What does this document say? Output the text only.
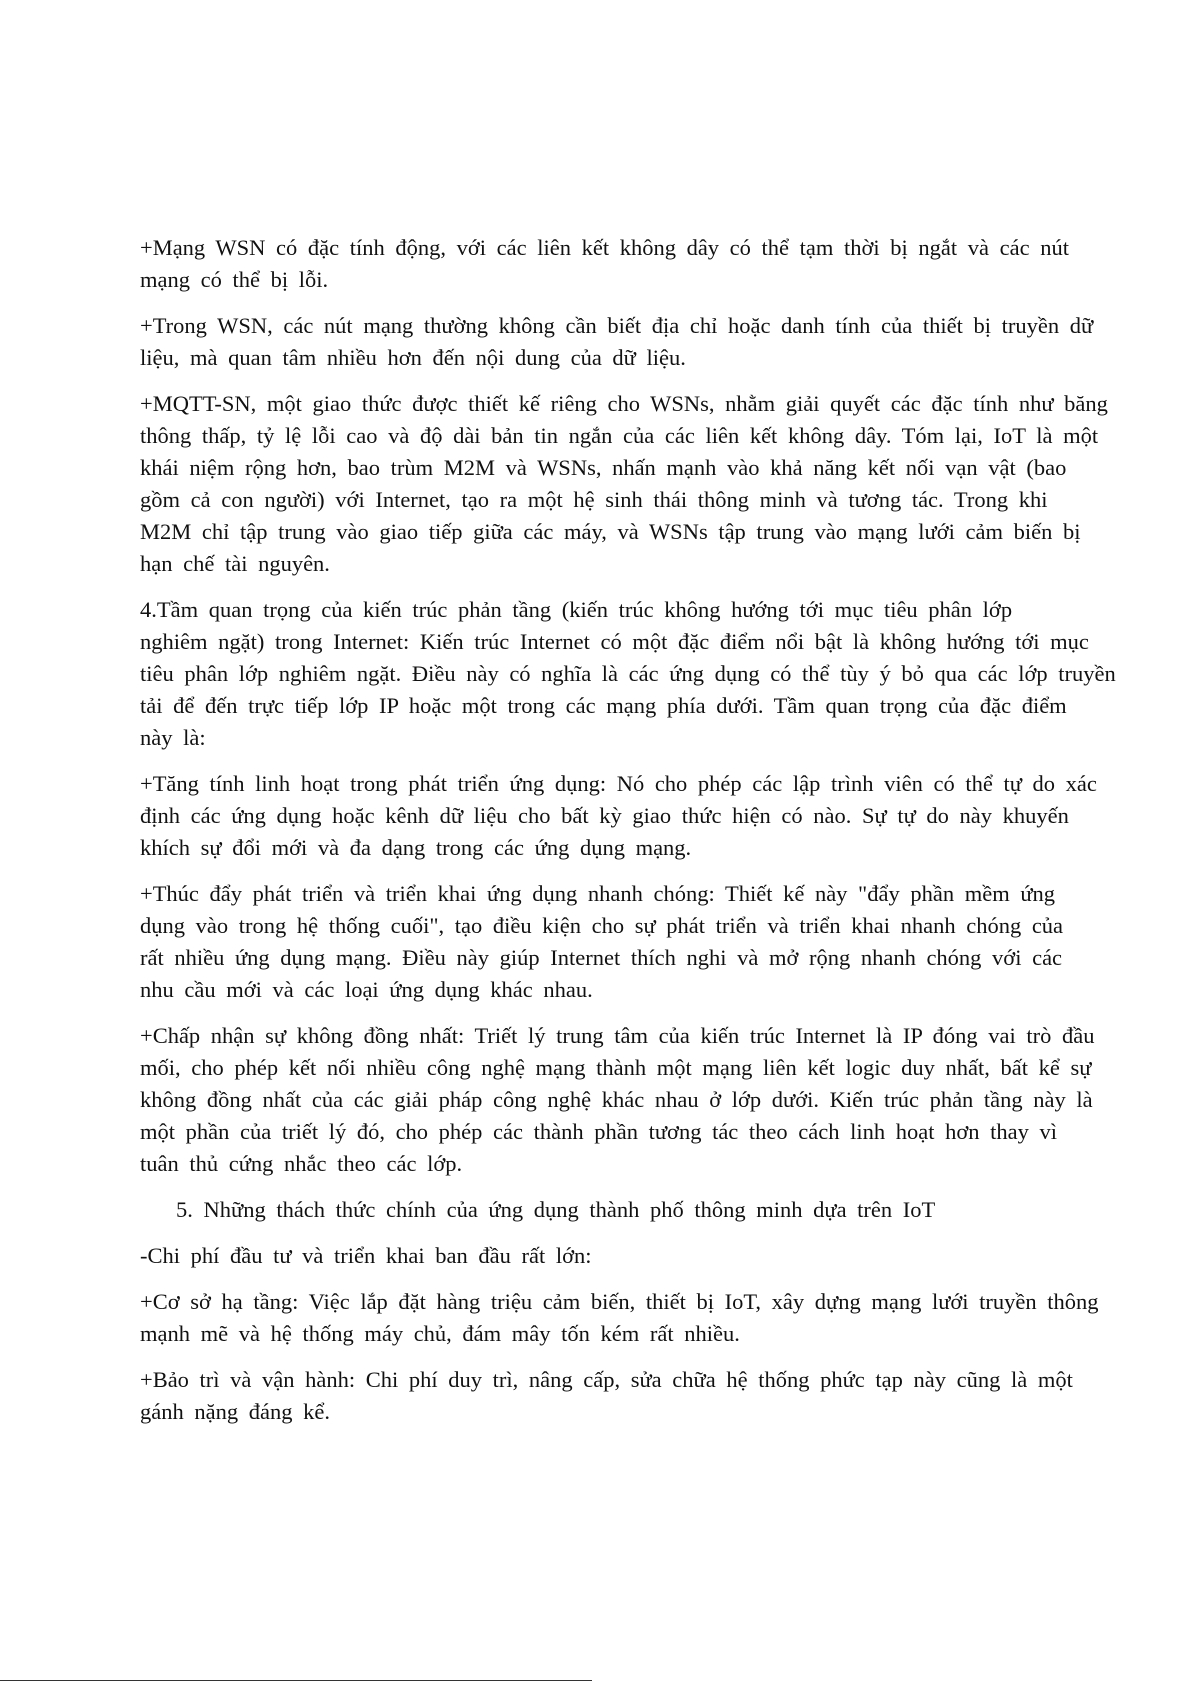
+Mạng WSN có đặc tính động, với các liên kết không dây có thể tạm thời bị ngắt và các nút
mạng có thể bị lỗi.

+Trong WSN, các nút mạng thường không cần biết địa chỉ hoặc danh tính của thiết bị truyền dữ
liệu, mà quan tâm nhiều hơn đến nội dung của dữ liệu.

+MQTT-SN, một giao thức được thiết kế riêng cho WSNs, nhằm giải quyết các đặc tính như băng
thông thấp, tỷ lệ lỗi cao và độ dài bản tin ngắn của các liên kết không dây. Tóm lại, IoT là một
khái niệm rộng hơn, bao trùm M2M và WSNs, nhấn mạnh vào khả năng kết nối vạn vật (bao
gồm cả con người) với Internet, tạo ra một hệ sinh thái thông minh và tương tác. Trong khi
M2M chỉ tập trung vào giao tiếp giữa các máy, và WSNs tập trung vào mạng lưới cảm biến bị
hạn chế tài nguyên.

4.Tầm quan trọng của kiến trúc phản tầng (kiến trúc không hướng tới mục tiêu phân lớp
nghiêm ngặt) trong Internet: Kiến trúc Internet có một đặc điểm nổi bật là không hướng tới mục
tiêu phân lớp nghiêm ngặt. Điều này có nghĩa là các ứng dụng có thể tùy ý bỏ qua các lớp truyền
tải để đến trực tiếp lớp IP hoặc một trong các mạng phía dưới. Tầm quan trọng của đặc điểm
này là:

+Tăng tính linh hoạt trong phát triển ứng dụng: Nó cho phép các lập trình viên có thể tự do xác
định các ứng dụng hoặc kênh dữ liệu cho bất kỳ giao thức hiện có nào. Sự tự do này khuyến
khích sự đổi mới và đa dạng trong các ứng dụng mạng.

+Thúc đẩy phát triển và triển khai ứng dụng nhanh chóng: Thiết kế này "đẩy phần mềm ứng
dụng vào trong hệ thống cuối", tạo điều kiện cho sự phát triển và triển khai nhanh chóng của
rất nhiều ứng dụng mạng. Điều này giúp Internet thích nghi và mở rộng nhanh chóng với các
nhu cầu mới và các loại ứng dụng khác nhau.

+Chấp nhận sự không đồng nhất: Triết lý trung tâm của kiến trúc Internet là IP đóng vai trò đầu
mối, cho phép kết nối nhiều công nghệ mạng thành một mạng liên kết logic duy nhất, bất kể sự
không đồng nhất của các giải pháp công nghệ khác nhau ở lớp dưới. Kiến trúc phản tầng này là
một phần của triết lý đó, cho phép các thành phần tương tác theo cách linh hoạt hơn thay vì
tuân thủ cứng nhắc theo các lớp.

5. Những thách thức chính của ứng dụng thành phố thông minh dựa trên IoT

-Chi phí đầu tư và triển khai ban đầu rất lớn:

+Cơ sở hạ tầng: Việc lắp đặt hàng triệu cảm biến, thiết bị IoT, xây dựng mạng lưới truyền thông
mạnh mẽ và hệ thống máy chủ, đám mây tốn kém rất nhiều.

+Bảo trì và vận hành: Chi phí duy trì, nâng cấp, sửa chữa hệ thống phức tạp này cũng là một
gánh nặng đáng kể.
